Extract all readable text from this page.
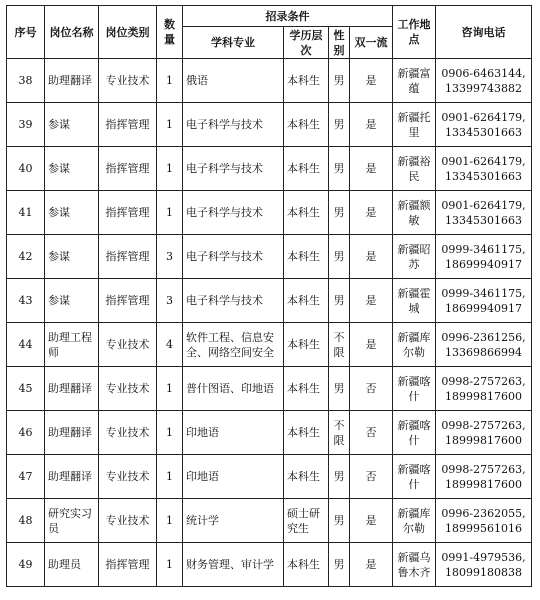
序号	岗位名称	岗位类别	数量	招录条件				工作地点	咨询电话
				学科专业	学历层次	性别	双一流		
38	助理翻译	专业技术	1	俄语	本科生	男	是	新疆富蕴	0906-6463144,
13399743882
39	参谋	指挥管理	1	电子科学与技术	本科生	男	是	新疆托里	0901-6264179,
13345301663
40	参谋	指挥管理	1	电子科学与技术	本科生	男	是	新疆裕民	0901-6264179,
13345301663
41	参谋	指挥管理	1	电子科学与技术	本科生	男	是	新疆额敏	0901-6264179,
13345301663
42	参谋	指挥管理	3	电子科学与技术	本科生	男	是	新疆昭苏	0999-3461175,
18699940917
43	参谋	指挥管理	3	电子科学与技术	本科生	男	是	新疆霍城	0999-3461175,
18699940917
44	助理工程师	专业技术	4	软件工程、信息安全、网络空间安全	本科生	不限	是	新疆库尔勒	0996-2361256,
13369866994
45	助理翻译	专业技术	1	普什图语、印地语	本科生	男	否	新疆喀什	0998-2757263,
18999817600
46	助理翻译	专业技术	1	印地语	本科生	不限	否	新疆喀什	0998-2757263,
18999817600
47	助理翻译	专业技术	1	印地语	本科生	男	否	新疆喀什	0998-2757263,
18999817600
48	研究实习员	专业技术	1	统计学	硕士研究生	男	是	新疆库尔勒	0996-2362055,
18999561016
49	助理员	指挥管理	1	财务管理、审计学	本科生	男	是	新疆乌鲁木齐	0991-4979536,
18099180838
